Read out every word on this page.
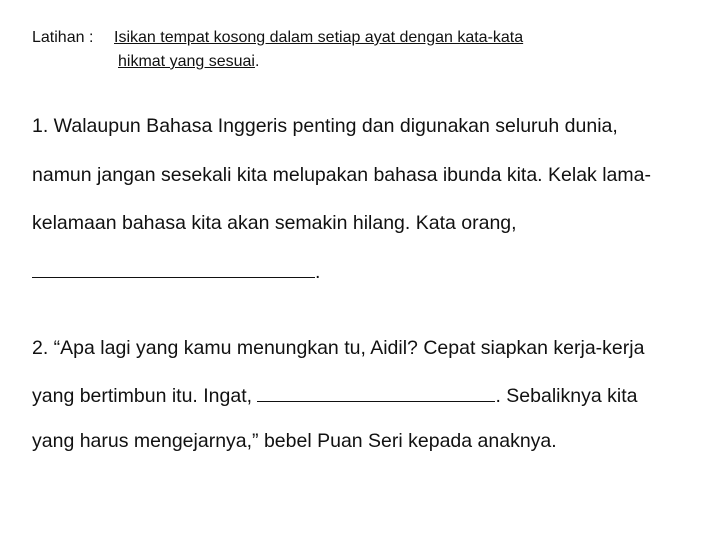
Latihan : Isikan tempat kosong dalam setiap ayat dengan kata-kata
hikmat yang sesuai.
1. Walaupun Bahasa Inggeris penting dan digunakan seluruh dunia,
namun jangan sesekali kita melupakan bahasa ibunda kita. Kelak lama-
kelamaan bahasa kita akan semakin hilang. Kata orang,
.
2. “Apa lagi yang kamu menungkan tu, Aidil? Cepat siapkan kerja-kerja
yang bertimbun itu. Ingat,	. Sebaliknya kita
yang harus mengejarnya,” bebel Puan Seri kepada anaknya.
